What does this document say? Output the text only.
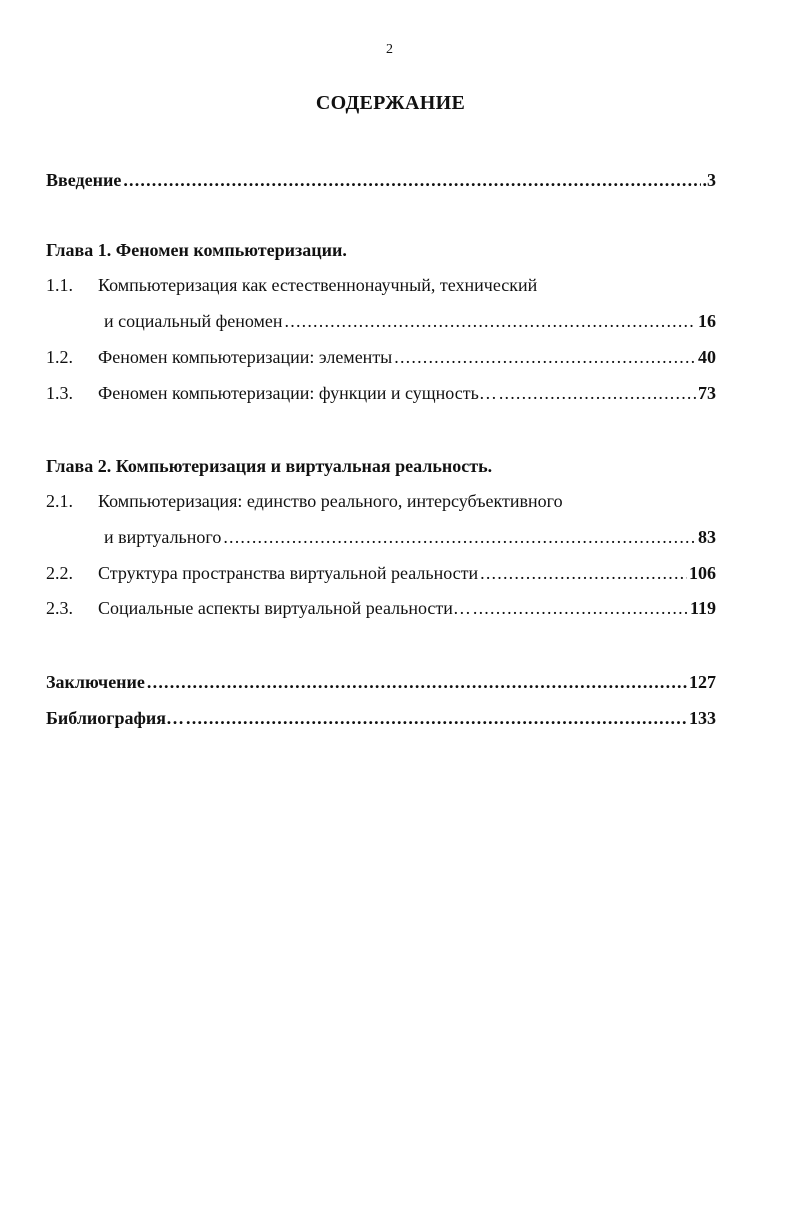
2
СОДЕРЖАНИЕ
Введение .....	.3
Глава 1. Феномен компьютеризации.
1.1.	Компьютеризация как естественнонаучный, технический
и социальный феномен .....	16
1.2.	Феномен компьютеризации: элементы .....	40
1.3.	Феномен компьютеризации: функции и сущность… .....	73
Глава 2. Компьютеризация и виртуальная реальность.
2.1.	Компьютеризация: единство реального, интерсубъективного
и виртуального .....	83
2.2.	Структура пространства виртуальной реальности .....	106
2.3.	Социальные аспекты виртуальной реальности… .....	119
Заключение .....	127
Библиография… .....	133
